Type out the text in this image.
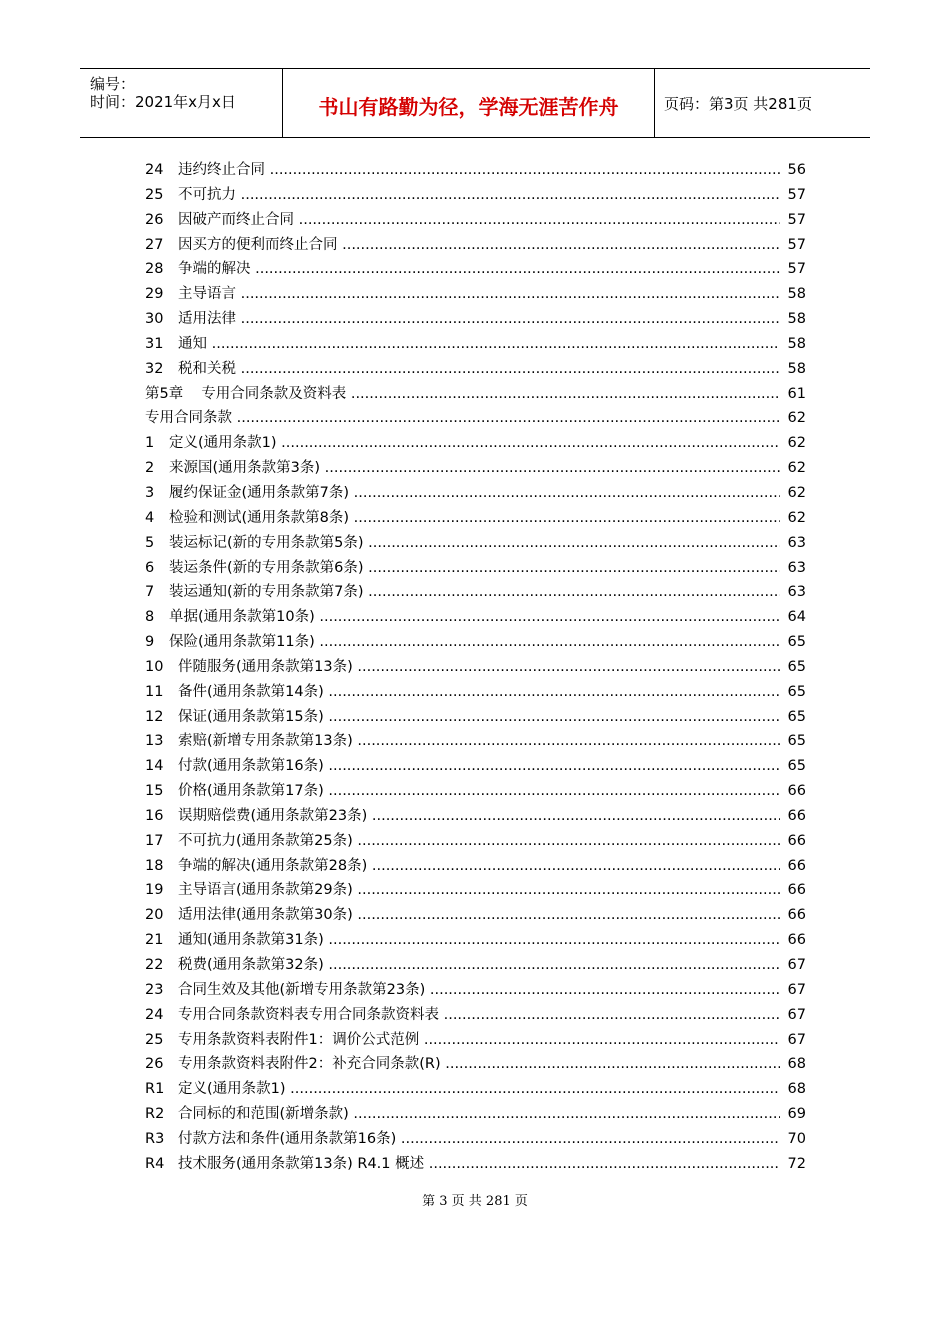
编号：
时间：2021年x月x日	书山有路勤为径，学海无涯苦作舟	页码：第3页 共281页
24 违约终止合同 .....	56
25 不可抗力 .....	57
26 因破产而终止合同 .....	57
27 因买方的便利而终止合同 .....	57
28 争端的解决 .....	57
29 主导语言 .....	58
30 适用法律 .....	58
31 通知 .....	58
32 税和关税 .....	58
第5章 专用合同条款及资料表 .....	61
专用合同条款 .....	62
1 定义(通用条款1) .....	62
2 来源国(通用条款第3条) .....	62
3 履约保证金(通用条款第7条) .....	62
4 检验和测试(通用条款第8条) .....	62
5 装运标记(新的专用条款第5条) .....	63
6 装运条件(新的专用条款第6条) .....	63
7 装运通知(新的专用条款第7条) .....	63
8 单据(通用条款第10条) .....	64
9 保险(通用条款第11条) .....	65
10 伴随服务(通用条款第13条) .....	65
11 备件(通用条款第14条) .....	65
12 保证(通用条款第15条) .....	65
13 索赔(新增专用条款第13条) .....	65
14 付款(通用条款第16条) .....	65
15 价格(通用条款第17条) .....	66
16 误期赔偿费(通用条款第23条) .....	66
17 不可抗力(通用条款第25条) .....	66
18 争端的解决(通用条款第28条) .....	66
19 主导语言(通用条款第29条) .....	66
20 适用法律(通用条款第30条) .....	66
21 通知(通用条款第31条) .....	66
22 税费(通用条款第32条) .....	67
23 合同生效及其他(新增专用条款第23条) .....	67
24 专用合同条款资料表专用合同条款资料表 .....	67
25 专用条款资料表附件1：调价公式范例 .....	67
26 专用条款资料表附件2：补充合同条款(R) .....	68
R1 定义(通用条款1) .....	68
R2 合同标的和范围(新增条款) .....	69
R3 付款方法和条件(通用条款第16条) .....	70
R4 技术服务(通用条款第13条) R4.1 概述 .....	72
第 3 页 共 281 页
